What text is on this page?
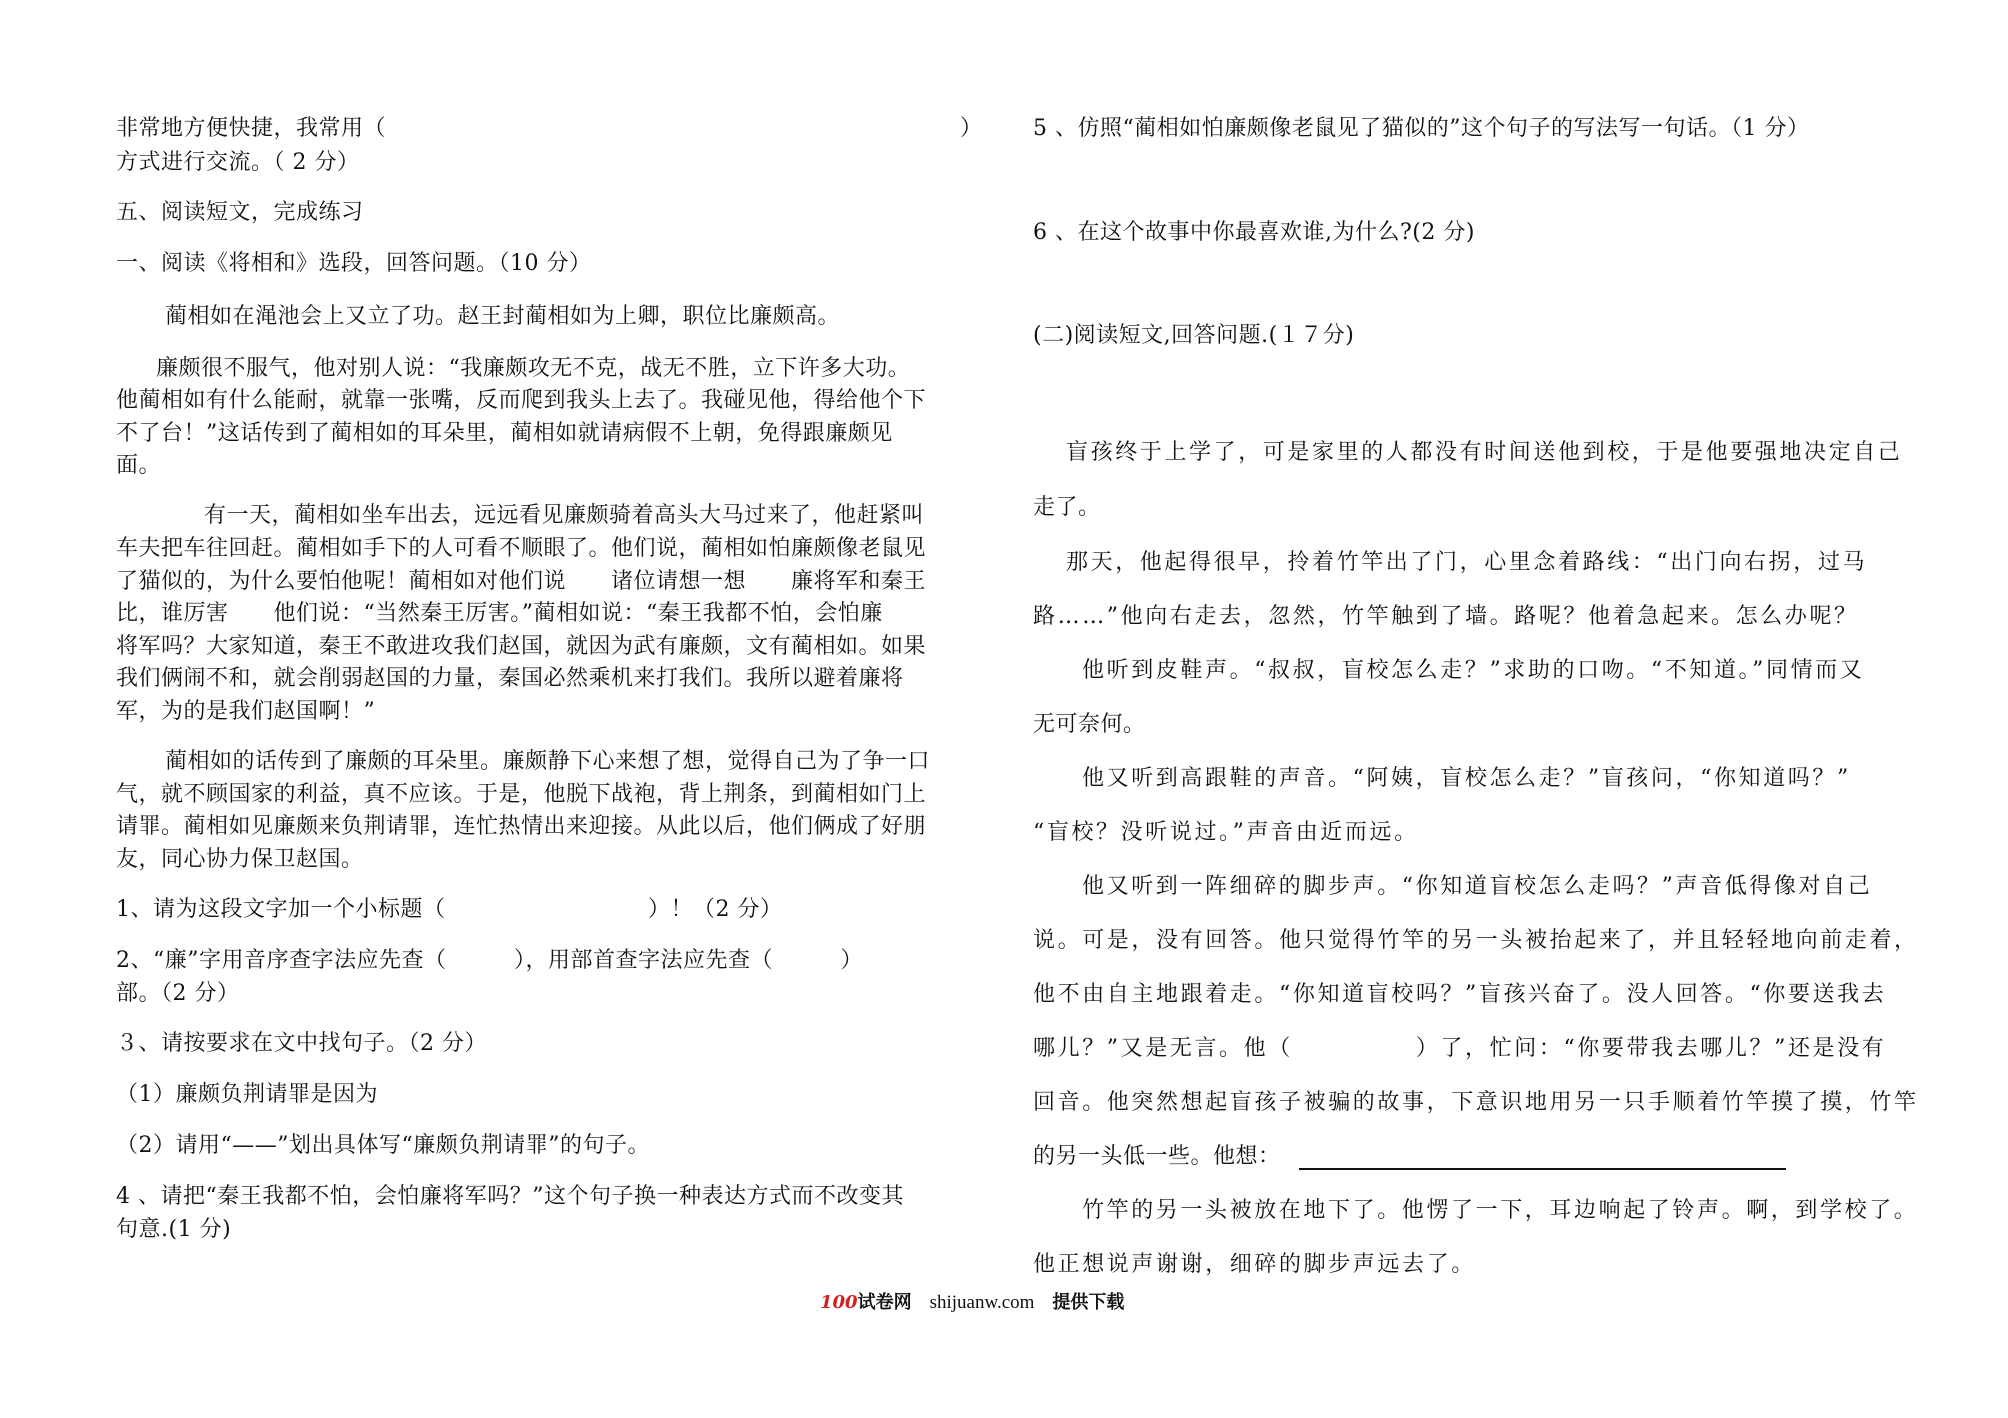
非常地方便快捷，我常用（	）
方式进行交流。（ 2 分）
五、阅读短文，完成练习
一、阅读《将相和》选段，回答问题。（10 分）
蔺相如在渑池会上又立了功。赵王封蔺相如为上卿，职位比廉颇高。
廉颇很不服气，他对别人说：“我廉颇攻无不克，战无不胜，立下许多大功。
他蔺相如有什么能耐，就靠一张嘴，反而爬到我头上去了。我碰见他，得给他个下
不了台！”这话传到了蔺相如的耳朵里，蔺相如就请病假不上朝，免得跟廉颇见
面。
有一天，蔺相如坐车出去，远远看见廉颇骑着高头大马过来了，他赶紧叫
车夫把车往回赶。蔺相如手下的人可看不顺眼了。他们说，蔺相如怕廉颇像老鼠见
了猫似的，为什么要怕他呢！蔺相如对他们说　　诸位请想一想　　廉将军和秦王
比，谁厉害　　他们说：“当然秦王厉害。”蔺相如说：“秦王我都不怕，会怕廉
将军吗？大家知道，秦王不敢进攻我们赵国，就因为武有廉颇，文有蔺相如。如果
我们俩闹不和，就会削弱赵国的力量，秦国必然乘机来打我们。我所以避着廉将
军，为的是我们赵国啊！”
蔺相如的话传到了廉颇的耳朵里。廉颇静下心来想了想，觉得自己为了争一口
气，就不顾国家的利益，真不应该。于是，他脱下战袍，背上荆条，到蔺相如门上
请罪。蔺相如见廉颇来负荆请罪，连忙热情出来迎接。从此以后，他们俩成了好朋
友，同心协力保卫赵国。
1、请为这段文字加一个小标题（　　　　　　　　　）！（2 分）
2、“廉”字用音序查字法应先查（　　　），用部首查字法应先查（　　　）
部。（2 分）
３、请按要求在文中找句子。（2 分）
（1）廉颇负荆请罪是因为
（2）请用“——”划出具体写“廉颇负荆请罪”的句子。
4 、请把“秦王我都不怕，会怕廉将军吗？”这个句子换一种表达方式而不改变其
句意.(1 分)
5 、仿照“蔺相如怕廉颇像老鼠见了猫似的”这个句子的写法写一句话。（1 分）
6 、在这个故事中你最喜欢谁,为什么?(2 分)
(二)阅读短文,回答问题.(１７分)
盲孩终于上学了，可是家里的人都没有时间送他到校，于是他要强地决定自己
走了。
那天，他起得很早，拎着竹竿出了门，心里念着路线：“出门向右拐，过马
路……”他向右走去，忽然，竹竿触到了墙。路呢？他着急起来。怎么办呢？
他听到皮鞋声。“叔叔，盲校怎么走？”求助的口吻。“不知道。”同情而又
无可奈何。
他又听到高跟鞋的声音。“阿姨，盲校怎么走？”盲孩问，“你知道吗？”
“盲校？没听说过。”声音由近而远。
他又听到一阵细碎的脚步声。“你知道盲校怎么走吗？”声音低得像对自己
说。可是，没有回答。他只觉得竹竿的另一头被抬起来了，并且轻轻地向前走着，
他不由自主地跟着走。“你知道盲校吗？”盲孩兴奋了。没人回答。“你要送我去
哪儿？”又是无言。他（　　　　　）了，忙问：“你要带我去哪儿？”还是没有
回音。他突然想起盲孩子被骗的故事，下意识地用另一只手顺着竹竿摸了摸，竹竿
的另一头低一些。他想：
竹竿的另一头被放在地下了。他愣了一下，耳边响起了铃声。啊，到学校了。
他正想说声谢谢，细碎的脚步声远去了。
100试卷网 shijuanw.com 提供下载
